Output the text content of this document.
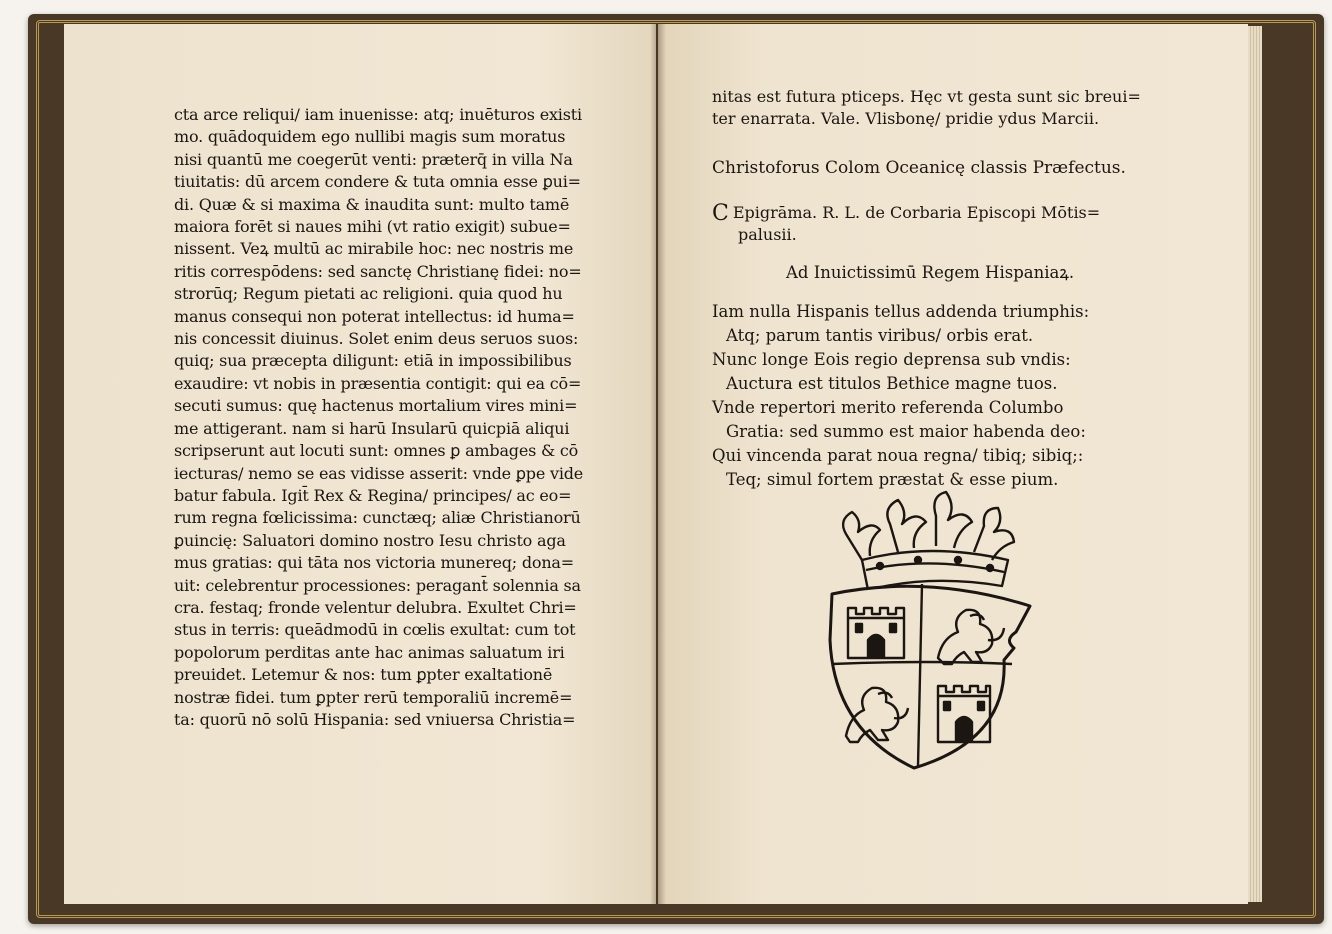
cta arce reliqui/ iam inuenisse: atq; inuēturos existi
mo. quādoquidem ego nullibi magis sum moratus
nisi quantū me coegerūt venti: præterq̄ in villa Na
tiuitatis: dū arcem condere & tuta omnia esse ꝑui=
di. Quæ & si maxima & inaudita sunt: multo tamē
maiora forēt si naues mihi (vt ratio exigit) subue=
nissent. Veꝝ multū ac mirabile hoc: nec nostris me
ritis correspōdens: sed sanctę Christianę fidei: no=
strorūq; Regum pietati ac religioni. quia quod hu
manus consequi non poterat intellectus: id huma=
nis concessit diuinus. Solet enim deus seruos suos:
quiq; sua præcepta diligunt: etiā in impossibilibus
exaudire: vt nobis in præsentia contigit: qui ea cō=
secuti sumus: quę hactenus mortalium vires mini=
me attigerant. nam si harū Insularū quicpiā aliqui
scripserunt aut locuti sunt: omnes ꝑ ambages & cō
iecturas/ nemo se eas vidisse asserit: vnde ꝑpe vide
batur fabula. Igit̄ Rex & Regina/ principes/ ac eo=
rum regna fœlicissima: cunctæq; aliæ Christianorū
ꝑuincię: Saluatori domino nostro Iesu christo aga
mus gratias: qui tāta nos victoria munereq; dona=
uit: celebrentur processiones: peragant̄ solennia sa
cra. festaq; fronde velentur delubra. Exultet Chri=
stus in terris: queādmodū in cœlis exultat: cum tot
popolorum perditas ante hac animas saluatum iri
preuidet. Letemur & nos: tum ꝑpter exaltationē
nostræ fidei. tum ꝑpter rerū temporaliū incremē=
ta: quorū nō solū Hispania: sed vniuersa Christia=
nitas est futura pticeps. Hęc vt gesta sunt sic breui=
ter enarrata. Vale. Vlisbonę/ pridie ydus Marcii.
Christoforus Colom Oceanicę classis Præfectus.
C Epigrāma. R. L. de Corbaria Episcopi Mōtis=
palusii.
Ad Inuictissimū Regem Hispaniaꝝ.
Iam nulla Hispanis tellus addenda triumphis:
Atq; parum tantis viribus/ orbis erat.
Nunc longe Eois regio deprensa sub vndis:
Auctura est titulos Bethice magne tuos.
Vnde repertori merito referenda Columbo
Gratia: sed summo est maior habenda deo:
Qui vincenda parat noua regna/ tibiq; sibiq;:
Teq; simul fortem præstat & esse pium.
